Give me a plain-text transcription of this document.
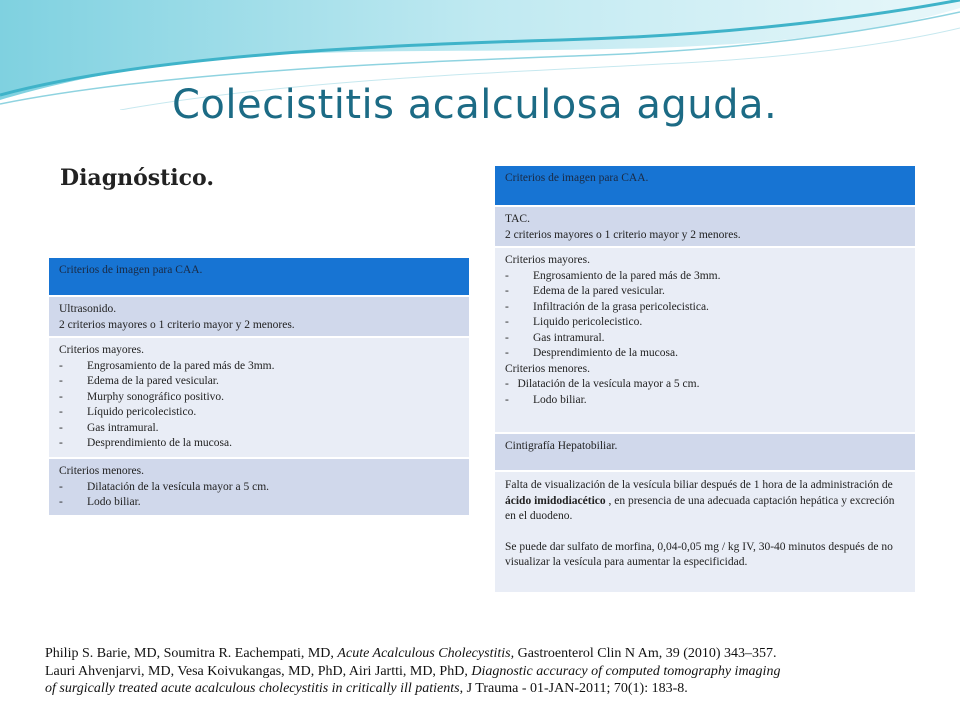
Colecistitis acalculosa aguda.
Diagnóstico.
Criterios de imagen para CAA.
Ultrasonido.
2 criterios mayores o 1 criterio mayor y 2 menores.
Criterios mayores.
-	Engrosamiento de la pared más de 3mm.
-	Edema de la pared vesicular.
-	Murphy sonográfico positivo.
-	Líquido pericolecistico.
-	Gas intramural.
-	Desprendimiento de la mucosa.
Criterios menores.
-	Dilatación de la vesícula mayor a 5 cm.
-	Lodo biliar.
Criterios de imagen para CAA.
TAC.
2 criterios mayores o 1 criterio mayor y 2 menores.
Criterios mayores.
-	Engrosamiento de la pared más de 3mm.
-	Edema de la pared vesicular.
-	Infiltración de la grasa pericolecistica.
-	Liquido pericolecistico.
-	Gas intramural.
-	Desprendimiento de la mucosa.
Criterios menores.
-   Dilatación de la vesícula mayor a 5 cm.
-	Lodo biliar.
Cintigrafía Hepatobiliar.

Falta de visualización de la vesícula biliar después de 1 hora de la administración de ácido imidodiacético , en presencia de una adecuada captación hepática y excreción en el duodeno.

Se puede dar sulfato de morfina, 0,04-0,05 mg / kg IV, 30-40 minutos después de no visualizar la vesícula para aumentar la especificidad.

Philip S. Barie, MD, Soumitra R. Eachempati, MD, Acute Acalculous Cholecystitis, Gastroenterol Clin N Am, 39 (2010) 343–357.
Lauri Ahvenjarvi, MD, Vesa Koivukangas, MD, PhD, Airi Jartti, MD, PhD, Diagnostic accuracy of computed tomography imaging
of surgically treated acute acalculous cholecystitis in critically ill patients, J Trauma - 01-JAN-2011; 70(1): 183-8.
